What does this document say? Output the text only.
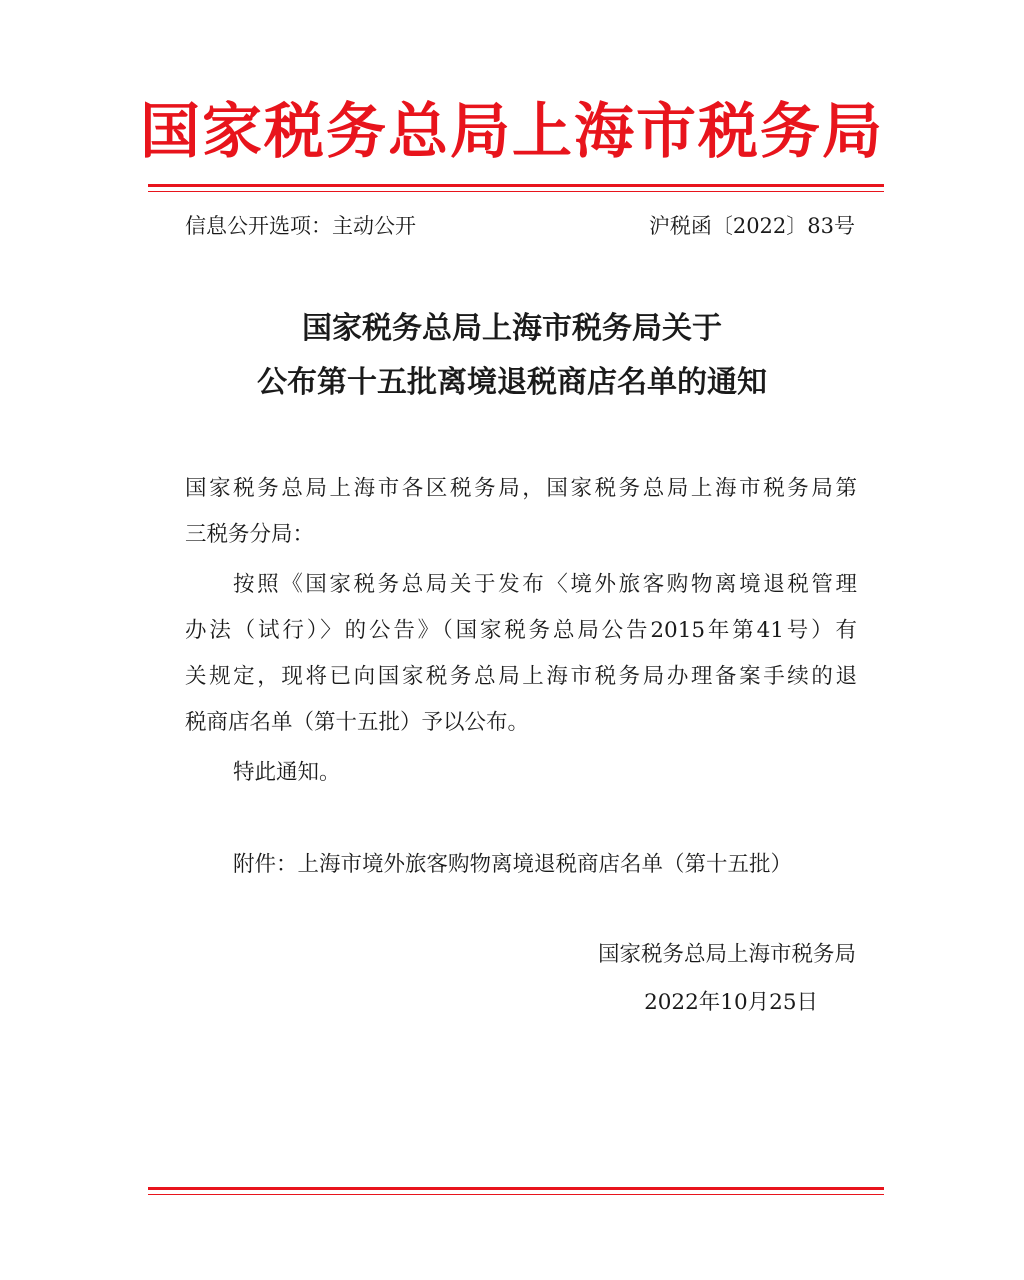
国家税务总局上海市税务局
信息公开选项：主动公开	沪税函〔2022〕83号
国家税务总局上海市税务局关于
公布第十五批离境退税商店名单的通知
国家税务总局上海市各区税务局，国家税务总局上海市税务局第
三税务分局：
按照《国家税务总局关于发布〈境外旅客购物离境退税管理
办法（试行）〉的公告》（国家税务总局公告2015年第41号）有
关规定，现将已向国家税务总局上海市税务局办理备案手续的退
税商店名单（第十五批）予以公布。
特此通知。
附件：上海市境外旅客购物离境退税商店名单（第十五批）
国家税务总局上海市税务局
2022年10月25日
